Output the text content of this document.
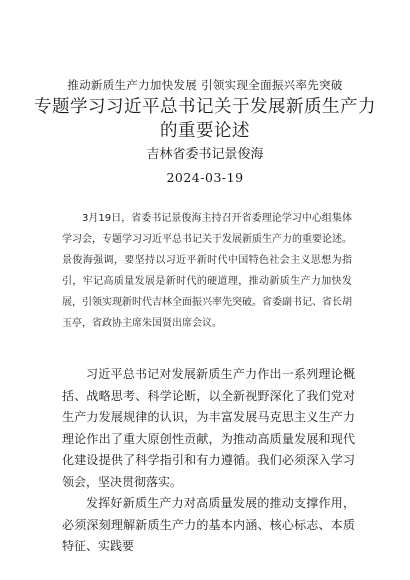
推动新质生产力加快发展 引领实现全面振兴率先突破
专题学习习近平总书记关于发展新质生产力的重要论述
吉林省委书记景俊海
2024-03-19

3月19日，省委书记景俊海主持召开省委理论学习中心组集体学习会，专题学习习近平总书记关于发展新质生产力的重要论述。景俊海强调，要坚持以习近平新时代中国特色社会主义思想为指引，牢记高质量发展是新时代的硬道理，推动新质生产力加快发展，引领实现新时代吉林全面振兴率先突破。省委副书记、省长胡玉亭，省政协主席朱国贤出席会议。

习近平总书记对发展新质生产力作出一系列理论概括、战略思考、科学论断，以全新视野深化了我们党对生产力发展规律的认识，为丰富发展马克思主义生产力理论作出了重大原创性贡献，为推动高质量发展和现代化建设提供了科学指引和有力遵循。我们必须深入学习领会，坚决贯彻落实。

发挥好新质生产力对高质量发展的推动支撑作用，必须深刻理解新质生产力的基本内涵、核心标志、本质特征、实践要
